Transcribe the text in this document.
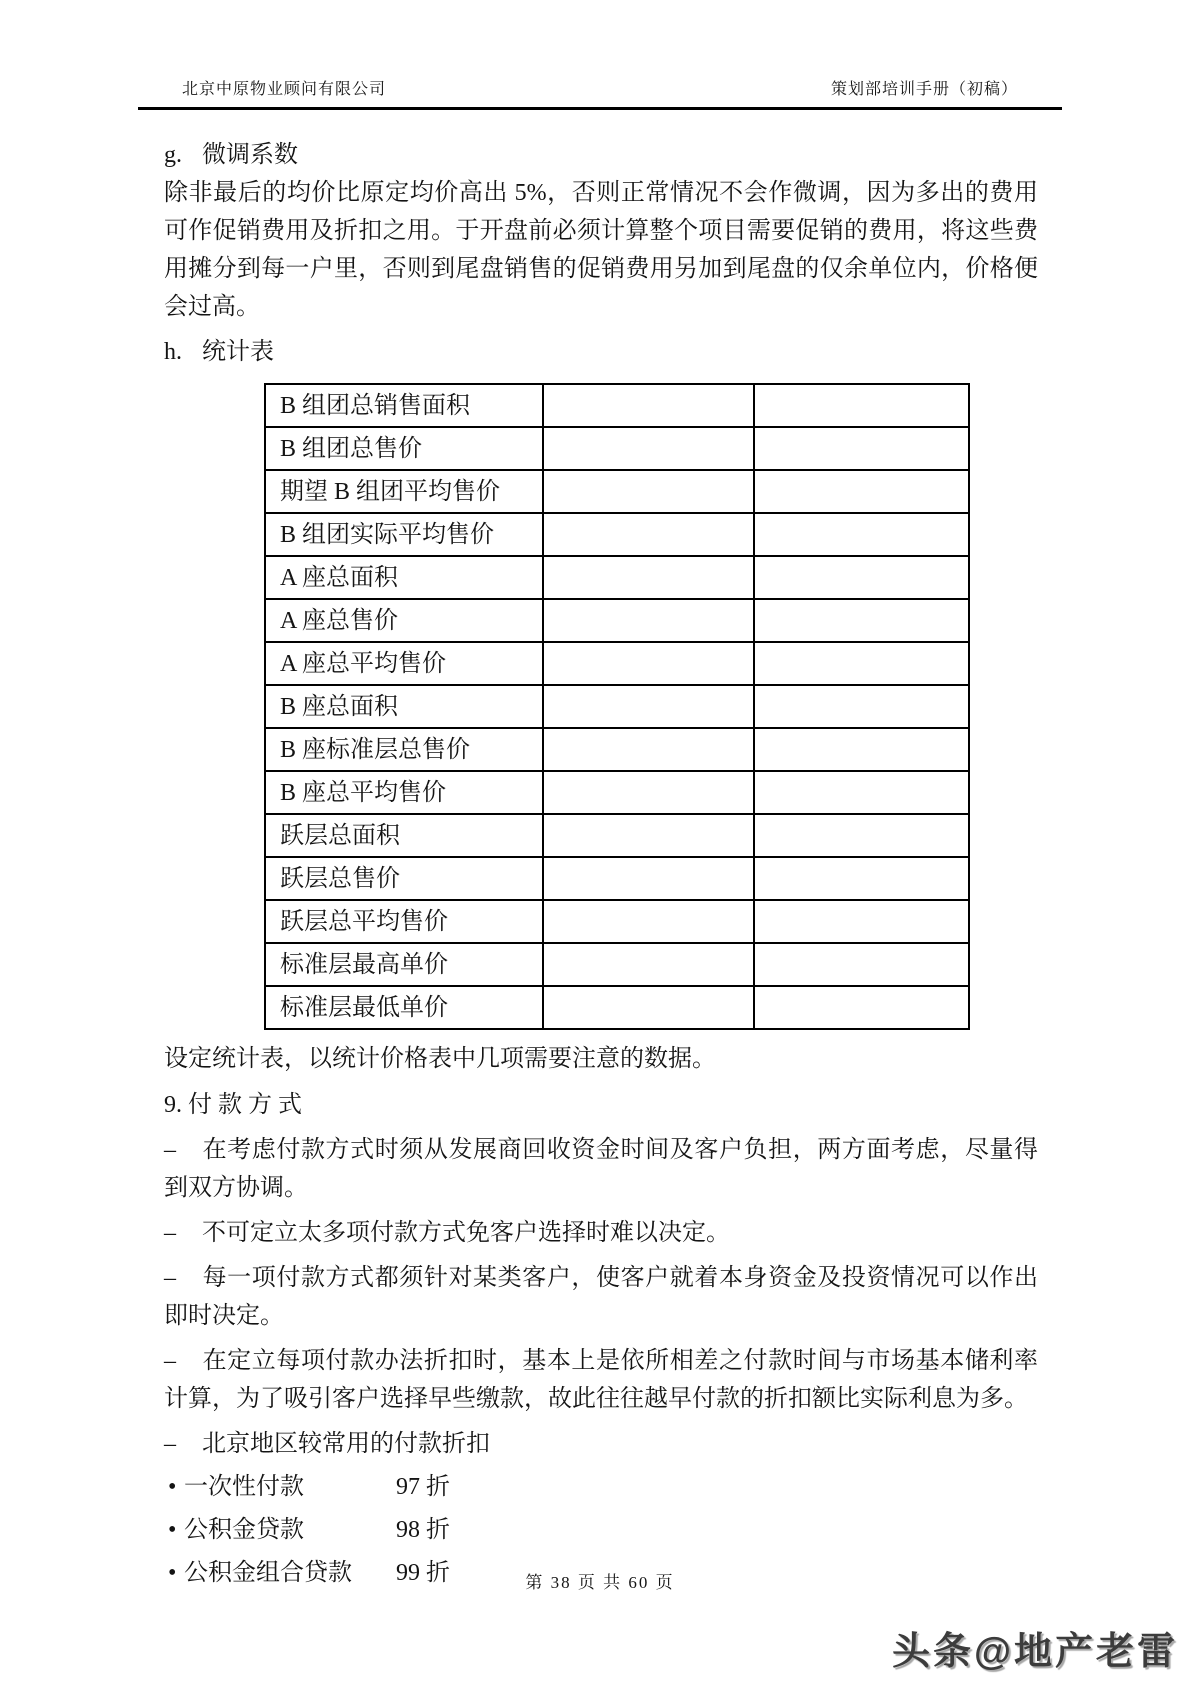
北京中原物业顾问有限公司	策划部培训手册（初稿）

g. 微调系数

除非最后的均价比原定均价高出 5%，否则正常情况不会作微调，因为多出的费用可作促销费用及折扣之用。于开盘前必须计算整个项目需要促销的费用，将这些费用摊分到每一户里，否则到尾盘销售的促销费用另加到尾盘的仅余单位内，价格便会过高。

h. 统计表

B 组团总销售面积		
B 组团总售价		
期望 B 组团平均售价		
B 组团实际平均售价		
A 座总面积		
A 座总售价		
A 座总平均售价		
B 座总面积		
B 座标准层总售价		
B 座总平均售价		
跃层总面积		
跃层总售价		
跃层总平均售价		
标准层最高单价		
标准层最低单价		

设定统计表，以统计价格表中几项需要注意的数据。

9. 付 款 方 式

– 在考虑付款方式时须从发展商回收资金时间及客户负担，两方面考虑，尽量得到双方协调。

– 不可定立太多项付款方式免客户选择时难以决定。

– 每一项付款方式都须针对某类客户，使客户就着本身资金及投资情况可以作出即时决定。

– 在定立每项付款办法折扣时，基本上是依所相差之付款时间与市场基本储利率计算，为了吸引客户选择早些缴款，故此往往越早付款的折扣额比实际利息为多。

– 北京地区较常用的付款折扣

• 一次性付款	97 折

• 公积金贷款	98 折

• 公积金组合贷款 99 折	第 38 页 共 60 页
头条@地产老雷
